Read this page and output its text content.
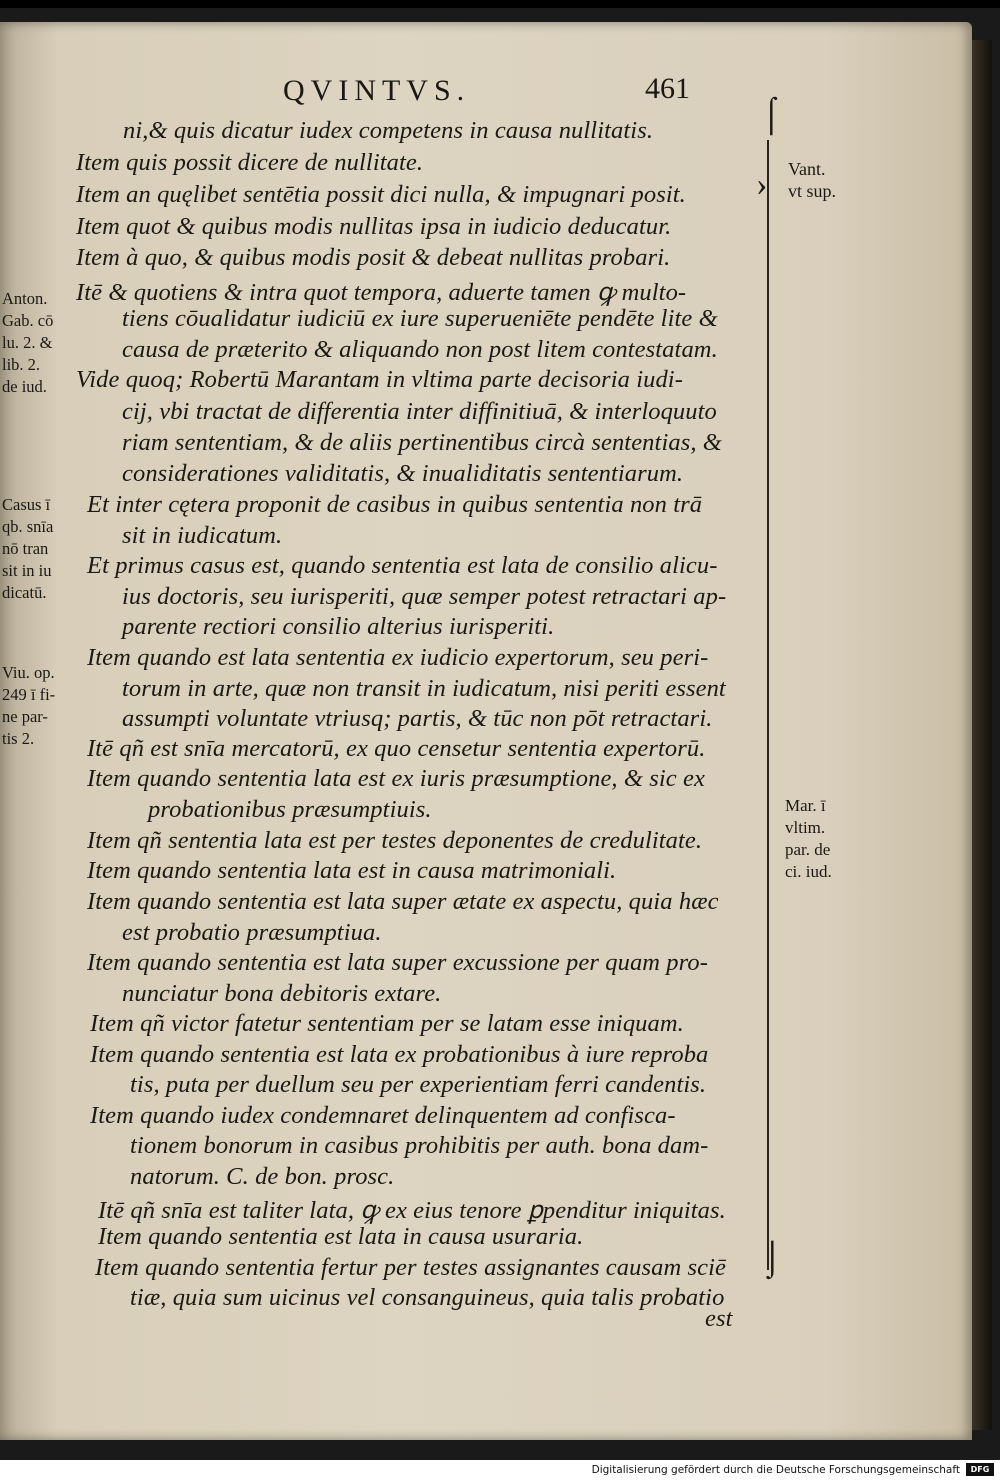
QVINTVS.	461
ni,& quis dicatur iudex competens in causa nullitatis.
Item quis possit dicere de nullitate.
Item an quęlibet sentētia possit dici nulla, & impugnari posit.
Item quot & quibus modis nullitas ipsa in iudicio deducatur.
Item à quo, & quibus modis posit & debeat nullitas probari.
Itē & quotiens & intra quot tempora, aduerte tamen ꝙ multo-
tiens cōualidatur iudiciū ex iure superueniēte pendēte lite &
causa de præterito & aliquando non post litem contestatam.
Vide quoq; Robertū Marantam in vltima parte decisoria iudi-
cij, vbi tractat de differentia inter diffinitiuā, & interloquuto
riam sententiam, & de aliis pertinentibus circà sententias, &
considerationes validitatis, & inualiditatis sententiarum.
Et inter cętera proponit de casibus in quibus sententia non trā
sit in iudicatum.
Et primus casus est, quando sententia est lata de consilio alicu-
ius doctoris, seu iurisperiti, quæ semper potest retractari ap-
parente rectiori consilio alterius iurisperiti.
Item quando est lata sententia ex iudicio expertorum, seu peri-
torum in arte, quæ non transit in iudicatum, nisi periti essent
assumpti voluntate vtriusq; partis, & tūc non pōt retractari.
Itē qñ est snīa mercatorū, ex quo censetur sententia expertorū.
Item quando sententia lata est ex iuris præsumptione, & sic ex
probationibus præsumptiuis.
Item qñ sententia lata est per testes deponentes de credulitate.
Item quando sententia lata est in causa matrimoniali.
Item quando sententia est lata super ætate ex aspectu, quia hæc
est probatio præsumptiua.
Item quando sententia est lata super excussione per quam pro-
nunciatur bona debitoris extare.
Item qñ victor fatetur sententiam per se latam esse iniquam.
Item quando sententia est lata ex probationibus à iure reproba
tis, puta per duellum seu per experientiam ferri candentis.
Item quando iudex condemnaret delinquentem ad confisca-
tionem bonorum in casibus prohibitis per auth. bona dam-
natorum. C. de bon. prosc.
Itē qñ snīa est taliter lata, ꝙ ex eius tenore ꝑpenditur iniquitas.
Item quando sententia est lata in causa usuraria.
Item quando sententia fertur per testes assignantes causam sciē
tiæ, quia sum uicinus vel consanguineus, quia talis probatio
est
Anton.
Gab. cō
lu. 2. &
lib. 2.
de iud.
Casus ī
qb. snīa
nō tran
sit in iu
dicatū.
Viu. op.
249 ī fi-
ne par-
tis 2.
Vant.
vt sup.
Mar. ī
vltim.
par. de
ci. iud.
⌠
›
⌡
Digitalisierung gefördert durch die Deutsche Forschungsgemeinschaft	DFG
